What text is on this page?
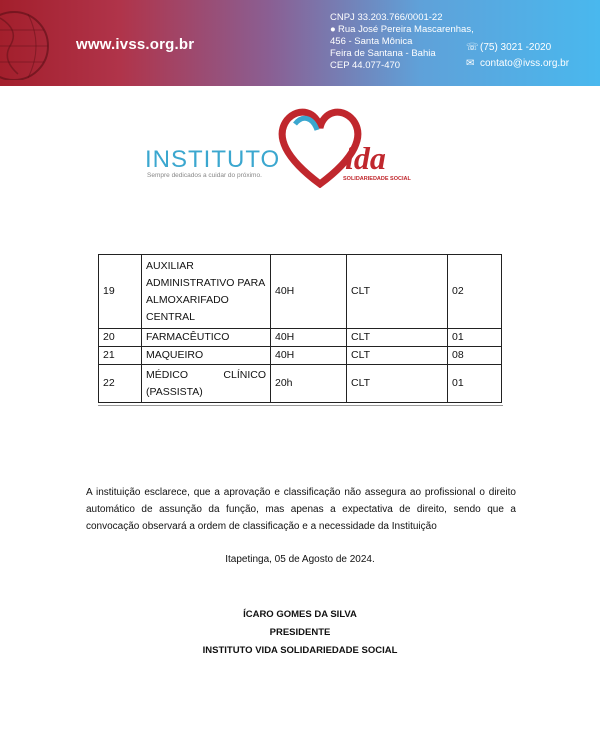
www.ivss.org.br
CNPJ 33.203.766/0001-22
● Rua José Pereira Mascarenhas,
456 - Santa Mônica
Feira de Santana - Bahia
CEP 44.077-470
☏(75) 3021 -2020
✉ contato@ivss.org.br
INSTITUTO
Sempre dedicados a cuidar do próximo.	ida
SOLIDARIEDADE SOCIAL
19	AUXILIAR
ADMINISTRATIVO PARA
ALMOXARIFADO
CENTRAL	40H	CLT	02
20	FARMACÊUTICO	40H	CLT	01
21	MAQUEIRO	40H	CLT	08
22	MÉDICO CLÍNICO
(PASSISTA)	20h	CLT	01

A instituição esclarece, que a aprovação e classificação não assegura ao profissional o direito automático de assunção da função, mas apenas a expectativa de direito, sendo que a convocação observará a ordem de classificação e a necessidade da Instituição

Itapetinga, 05 de Agosto de 2024.

ÍCARO GOMES DA SILVA
PRESIDENTE
INSTITUTO VIDA SOLIDARIEDADE SOCIAL
